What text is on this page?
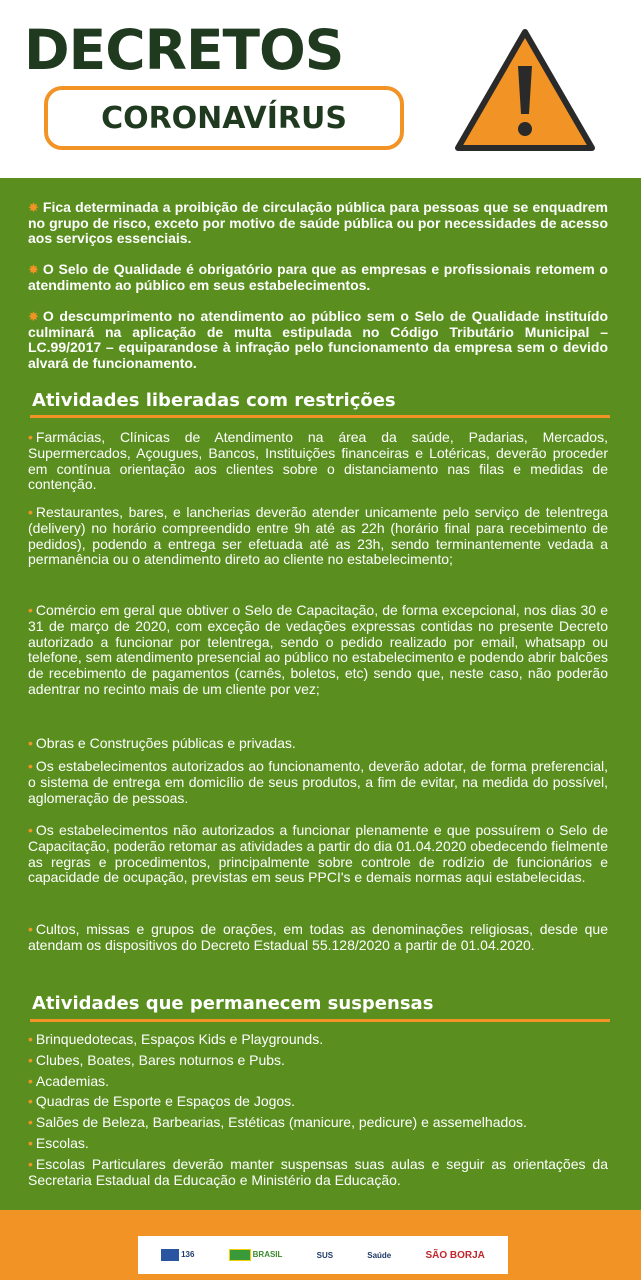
DECRETOS
CORONAVÍRUS
✸ Fica determinada a proibição de circulação pública para pessoas que se enquadrem no grupo de risco, exceto por motivo de saúde pública ou por necessidades de acesso aos serviços essenciais.
✸ O Selo de Qualidade é obrigatório para que as empresas e profissionais retomem o atendimento ao público em seus estabelecimentos.
✸ O descumprimento no atendimento ao público sem o Selo de Qualidade instituído culminará na aplicação de multa estipulada no Código Tributário Municipal – LC.99/2017 – equiparandose à infração pelo funcionamento da empresa sem o devido alvará de funcionamento.
Atividades liberadas com restrições
• Farmácias, Clínicas de Atendimento na área da saúde, Padarias, Mercados, Supermercados, Açougues, Bancos, Instituições financeiras e Lotéricas, deverão proceder em contínua orientação aos clientes sobre o distanciamento nas filas e medidas de contenção.
• Restaurantes, bares, e lancherias deverão atender unicamente pelo serviço de telentrega (delivery) no horário compreendido entre 9h até as 22h (horário final para recebimento de pedidos), podendo a entrega ser efetuada até as 23h, sendo terminantemente vedada a permanência ou o atendimento direto ao cliente no estabelecimento;
• Comércio em geral que obtiver o Selo de Capacitação, de forma excepcional, nos dias 30 e 31 de março de 2020, com exceção de vedações expressas contidas no presente Decreto autorizado a funcionar por telentrega, sendo o pedido realizado por email, whatsapp ou telefone, sem atendimento presencial ao público no estabelecimento e podendo abrir balcões de recebimento de pagamentos (carnês, boletos, etc) sendo que, neste caso, não poderão adentrar no recinto mais de um cliente por vez;
• Obras e Construções públicas e privadas.
• Os estabelecimentos autorizados ao funcionamento, deverão adotar, de forma preferencial, o sistema de entrega em domicílio de seus produtos, a fim de evitar, na medida do possível, aglomeração de pessoas.
• Os estabelecimentos não autorizados a funcionar plenamente e que possuírem o Selo de Capacitação, poderão retomar as atividades a partir do dia 01.04.2020 obedecendo fielmente as regras e procedimentos, principalmente sobre controle de rodízio de funcionários e capacidade de ocupação, previstas em seus PPCI's e demais normas aqui estabelecidas.
• Cultos, missas e grupos de orações, em todas as denominações religiosas, desde que atendam os dispositivos do Decreto Estadual 55.128/2020 a partir de 01.04.2020.
Atividades que permanecem suspensas
• Brinquedotecas, Espaços Kids e Playgrounds.
• Clubes, Boates, Bares noturnos e Pubs.
• Academias.
• Quadras de Esporte e Espaços de Jogos.
• Salões de Beleza, Barbearias, Estéticas (manicure, pedicure) e assemelhados.
• Escolas.
• Escolas Particulares deverão manter suspensas suas aulas e seguir as orientações da Secretaria Estadual da Educação e Ministério da Educação.
136	BRASIL	SUS	Saúde	SÃO BORJA
